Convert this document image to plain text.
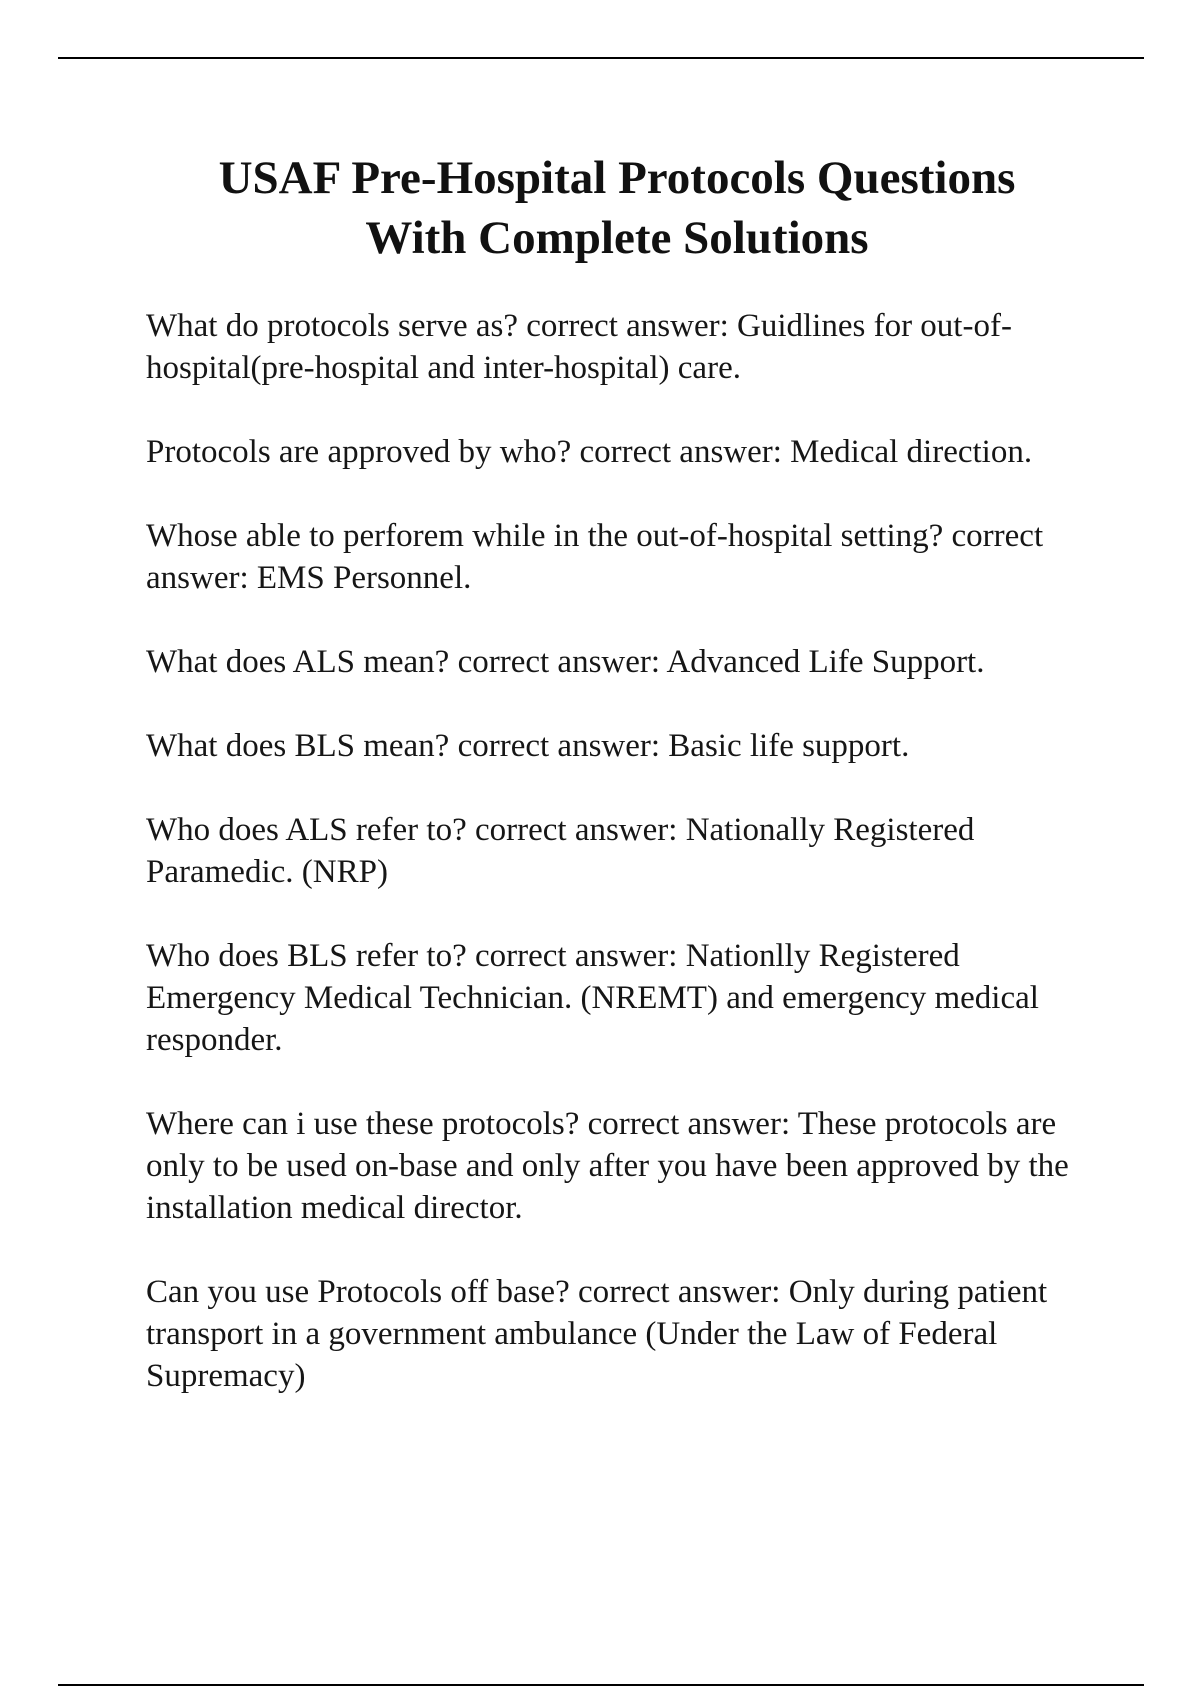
USAF Pre-Hospital Protocols Questions
With Complete Solutions
What do protocols serve as? correct answer: Guidlines for out-of-hospital(pre-hospital and inter-hospital) care.
Protocols are approved by who? correct answer: Medical direction.
Whose able to perforem while in the out-of-hospital setting? correct answer: EMS Personnel.
What does ALS mean? correct answer: Advanced Life Support.
What does BLS mean? correct answer: Basic life support.
Who does ALS refer to? correct answer: Nationally Registered Paramedic. (NRP)
Who does BLS refer to? correct answer: Nationlly Registered Emergency Medical Technician. (NREMT) and emergency medical responder.
Where can i use these protocols? correct answer: These protocols are only to be used on-base and only after you have been approved by the installation medical director.
Can you use Protocols off base? correct answer: Only during patient transport in a government ambulance (Under the Law of Federal Supremacy)
